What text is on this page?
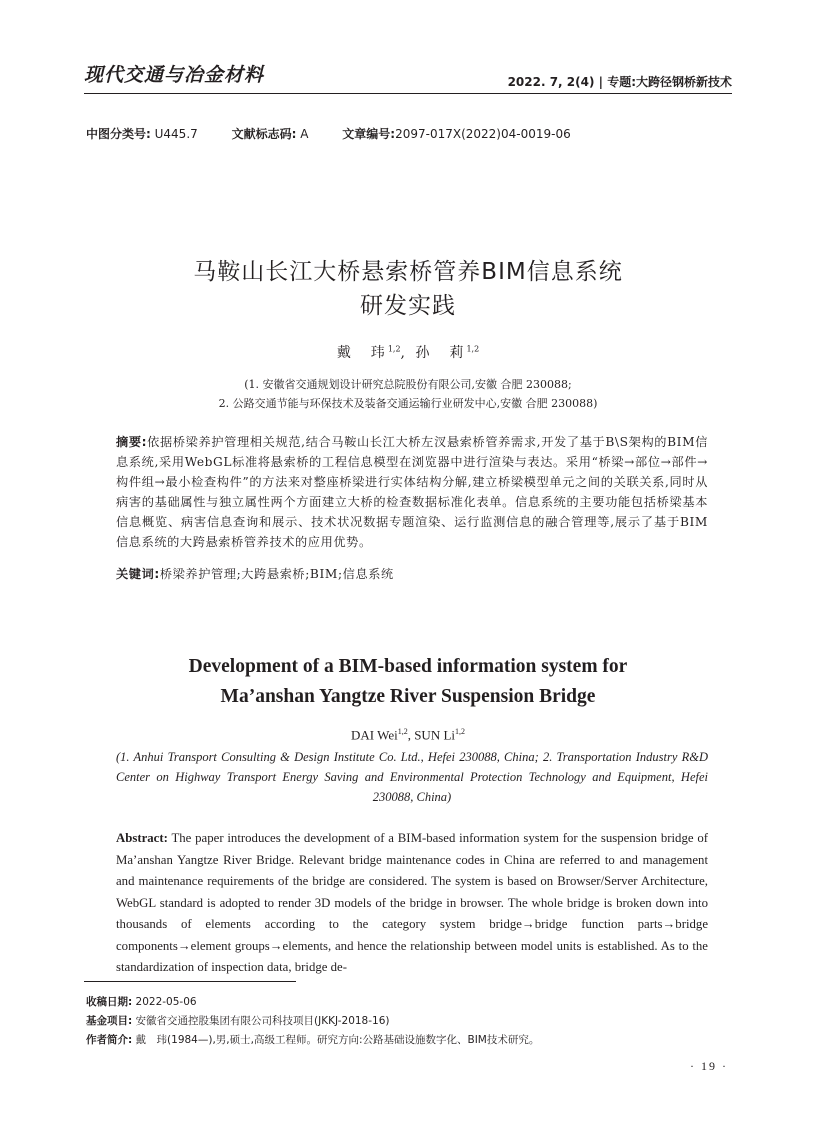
现代交通与冶金材料	2022. 7, 2(4) | 专题:大跨径钢桥新技术
中图分类号: U445.7	文献标志码: A	文章编号:2097-017X(2022)04-0019-06
马鞍山长江大桥悬索桥管养BIM信息系统
研发实践
戴　玮$^{1,2}$, 孙　莉$^{1,2}$
(1. 安徽省交通规划设计研究总院股份有限公司,安徽 合肥 230088;
2. 公路交通节能与环保技术及装备交通运输行业研发中心,安徽 合肥 230088)
摘要:依据桥梁养护管理相关规范,结合马鞍山长江大桥左汊悬索桥管养需求,开发了基于B\S架构的BIM信息系统,采用WebGL标准将悬索桥的工程信息模型在浏览器中进行渲染与表达。采用“桥梁→部位→部件→构件组→最小检查构件”的方法来对整座桥梁进行实体结构分解,建立桥梁模型单元之间的关联关系,同时从病害的基础属性与独立属性两个方面建立大桥的检查数据标准化表单。信息系统的主要功能包括桥梁基本信息概览、病害信息查询和展示、技术状况数据专题渲染、运行监测信息的融合管理等,展示了基于BIM信息系统的大跨悬索桥管养技术的应用优势。
关键词:桥梁养护管理;大跨悬索桥;BIM;信息系统
Development of a BIM-based information system for
Ma’anshan Yangtze River Suspension Bridge
DAI Wei$^{1,2}$, SUN Li$^{1,2}$
(1. Anhui Transport Consulting & Design Institute Co. Ltd., Hefei 230088, China; 2. Transportation Industry R&D Center on Highway Transport Energy Saving and Environmental Protection Technology and Equipment, Hefei 230088, China)
Abstract: The paper introduces the development of a BIM-based information system for the suspension bridge of Ma’anshan Yangtze River Bridge. Relevant bridge maintenance codes in China are referred to and management and maintenance requirements of the bridge are considered. The system is based on Browser/Server Architecture, WebGL standard is adopted to render 3D models of the bridge in browser. The whole bridge is broken down into thousands of elements according to the category system bridge→bridge function parts→bridge components→element groups→elements, and hence the relationship between model units is established. As to the standardization of inspection data, bridge de-
收稿日期: 2022-05-06
基金项目: 安徽省交通控股集团有限公司科技项目(JKKJ-2018-16)
作者简介: 戴　玮(1984—),男,硕士,高级工程师。研究方向:公路基础设施数字化、BIM技术研究。
· 19 ·
